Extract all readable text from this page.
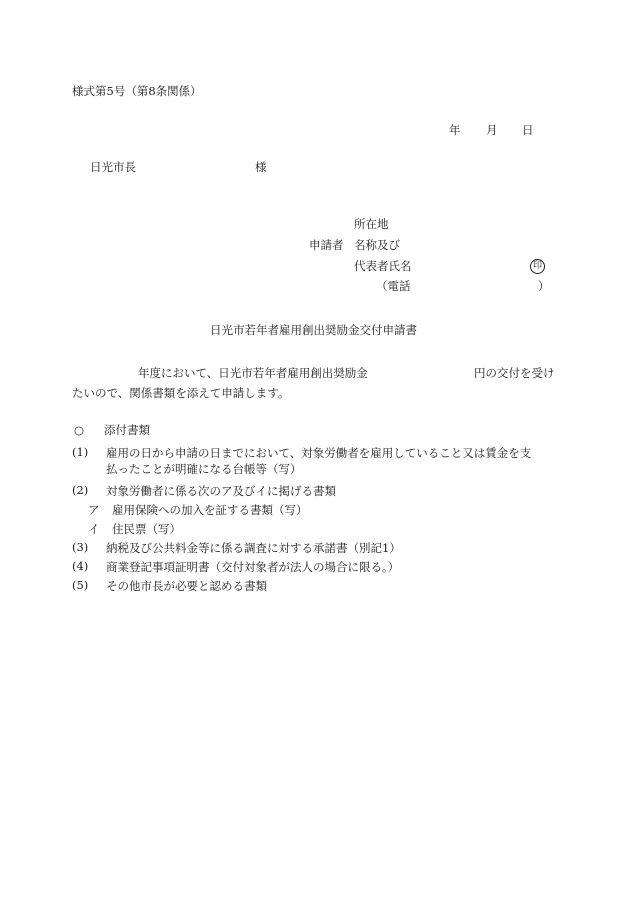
様式第5号（第8条関係）
年 月 日
日光市長	様
所在地
申請者 名称及び
代表者氏名	印
（電話	）
日光市若年者雇用創出奨励金交付申請書
年度において、日光市若年者雇用創出奨励金	円の交付を受け
たいので、関係書類を添えて申請します。
○ 添付書類
(1) 雇用の日から申請の日までにおいて、対象労働者を雇用していること又は賃金を支
払ったことが明確になる台帳等（写）
(2) 対象労働者に係る次のア及びイに掲げる書類
ア 雇用保険への加入を証する書類（写）
イ 住民票（写）
(3) 納税及び公共料金等に係る調査に対する承諾書（別記1）
(4) 商業登記事項証明書（交付対象者が法人の場合に限る。）
(5) その他市長が必要と認める書類
